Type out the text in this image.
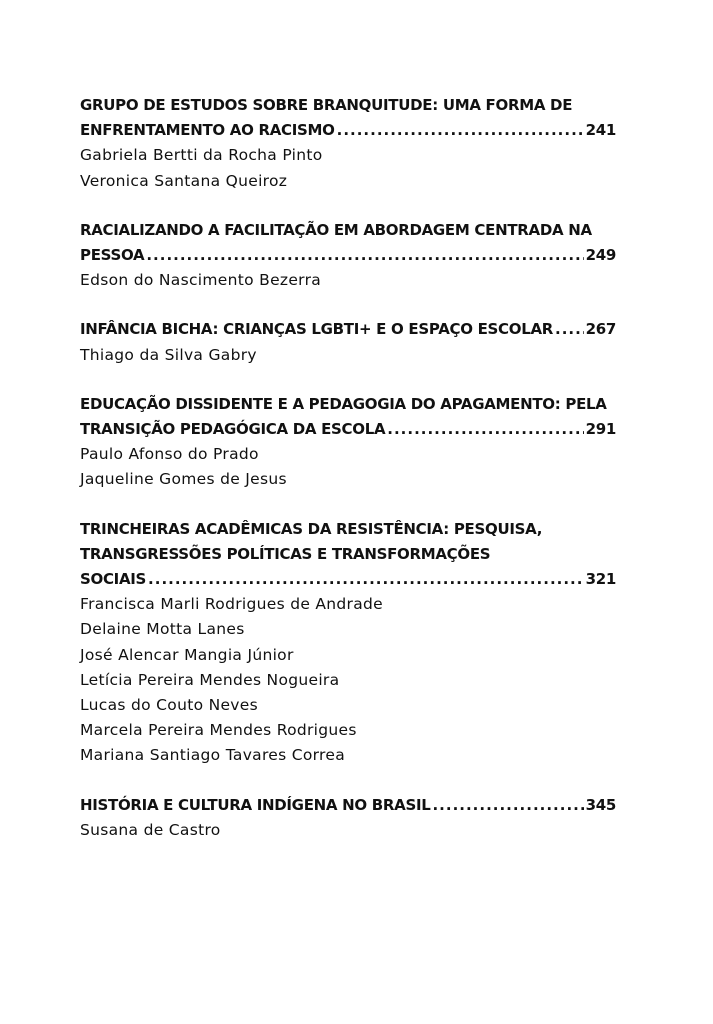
GRUPO DE ESTUDOS SOBRE BRANQUITUDE: UMA FORMA DE
ENFRENTAMENTO AO RACISMO .....	241
Gabriela Bertti da Rocha Pinto
Veronica Santana Queiroz
RACIALIZANDO A FACILITAÇÃO EM ABORDAGEM CENTRADA NA
PESSOA .....	249
Edson do Nascimento Bezerra
INFÂNCIA BICHA: CRIANÇAS LGBTI+ E O ESPAÇO ESCOLAR ..... 267
Thiago da Silva Gabry
EDUCAÇÃO DISSIDENTE E A PEDAGOGIA DO APAGAMENTO: PELA
TRANSIÇÃO PEDAGÓGICA DA ESCOLA .....	291
Paulo Afonso do Prado
Jaqueline Gomes de Jesus
TRINCHEIRAS ACADÊMICAS DA RESISTÊNCIA: PESQUISA,
TRANSGRESSÕES POLÍTICAS E TRANSFORMAÇÕES
SOCIAIS .....	321
Francisca Marli Rodrigues de Andrade
Delaine Motta Lanes
José Alencar Mangia Júnior
Letícia Pereira Mendes Nogueira
Lucas do Couto Neves
Marcela Pereira Mendes Rodrigues
Mariana Santiago Tavares Correa
HISTÓRIA E CULTURA INDÍGENA NO BRASIL .....	345
Susana de Castro
